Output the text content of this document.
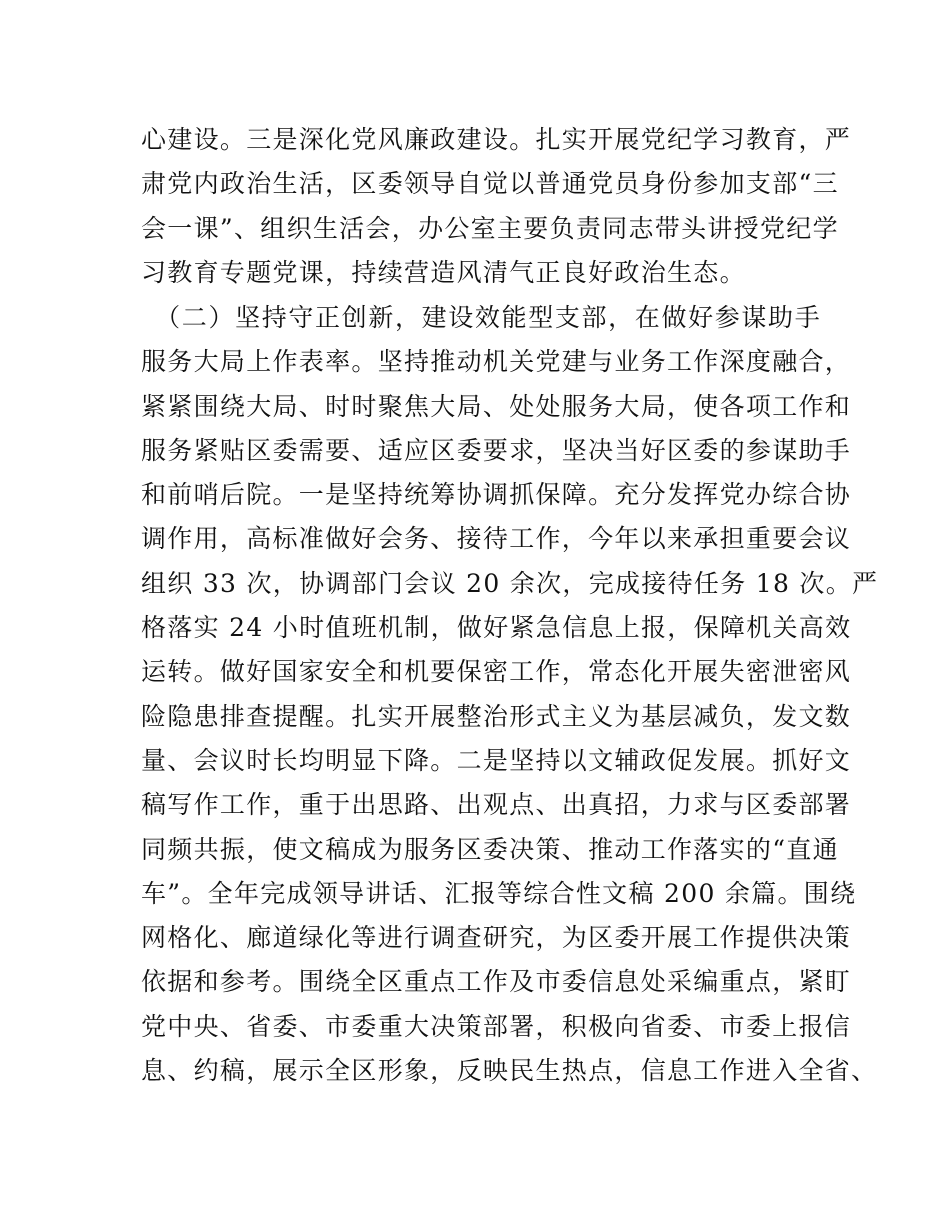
心建设。三是深化党风廉政建设。扎实开展党纪学习教育，严
肃党内政治生活，区委领导自觉以普通党员身份参加支部“三
会一课”、组织生活会，办公室主要负责同志带头讲授党纪学
习教育专题党课，持续营造风清气正良好政治生态。
　（二）坚持守正创新，建设效能型支部，在做好参谋助手
服务大局上作表率。坚持推动机关党建与业务工作深度融合，
紧紧围绕大局、时时聚焦大局、处处服务大局，使各项工作和
服务紧贴区委需要、适应区委要求，坚决当好区委的参谋助手
和前哨后院。一是坚持统筹协调抓保障。充分发挥党办综合协
调作用，高标准做好会务、接待工作，今年以来承担重要会议
组织 33 次，协调部门会议 20 余次，完成接待任务 18 次。严
格落实 24 小时值班机制，做好紧急信息上报，保障机关高效
运转。做好国家安全和机要保密工作，常态化开展失密泄密风
险隐患排查提醒。扎实开展整治形式主义为基层减负，发文数
量、会议时长均明显下降。二是坚持以文辅政促发展。抓好文
稿写作工作，重于出思路、出观点、出真招，力求与区委部署
同频共振，使文稿成为服务区委决策、推动工作落实的“直通
车”。全年完成领导讲话、汇报等综合性文稿 200 余篇。围绕
网格化、廊道绿化等进行调查研究，为区委开展工作提供决策
依据和参考。围绕全区重点工作及市委信息处采编重点，紧盯
党中央、省委、市委重大决策部署，积极向省委、市委上报信
息、约稿，展示全区形象，反映民生热点，信息工作进入全省、
